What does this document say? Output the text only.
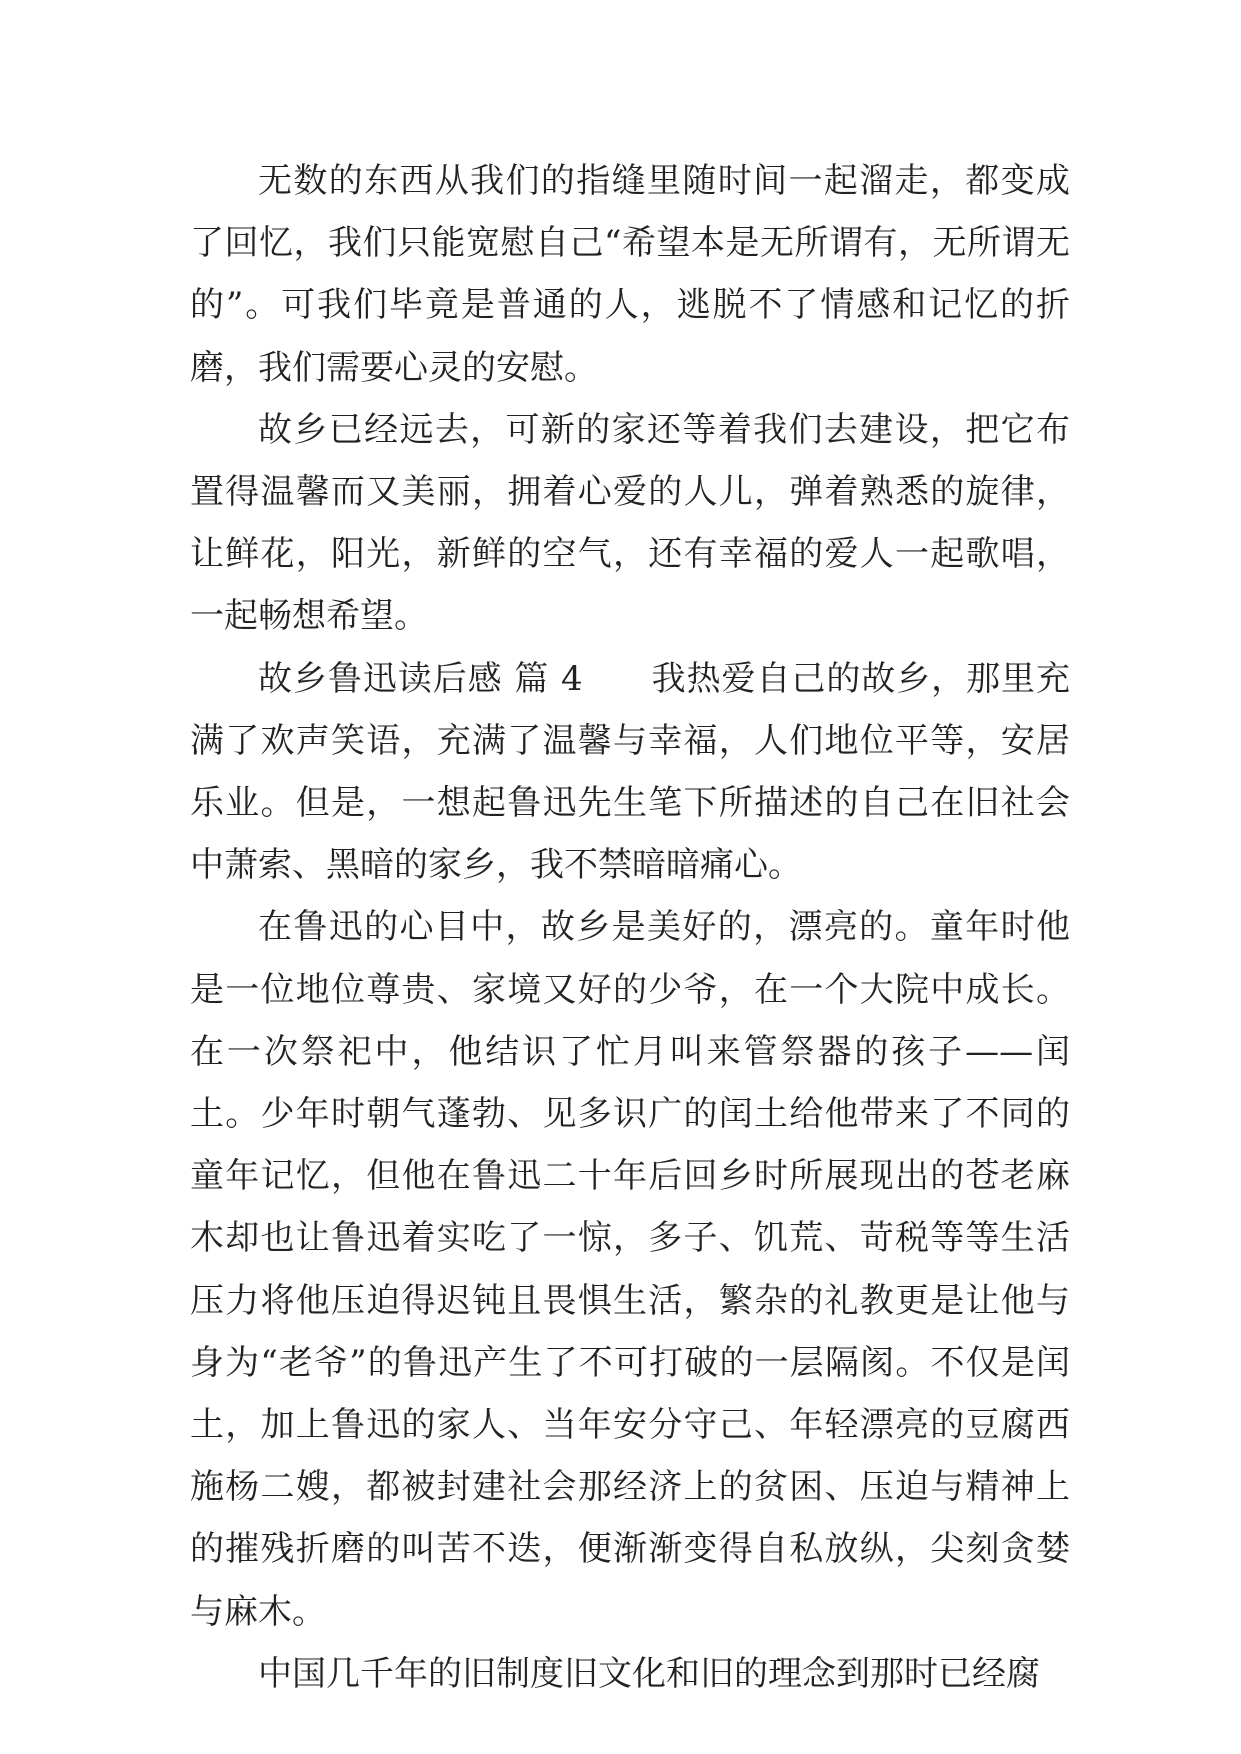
无数的东西从我们的指缝里随时间一起溜走，都变成了回忆，我们只能宽慰自己“希望本是无所谓有，无所谓无的”。可我们毕竟是普通的人，逃脱不了情感和记忆的折磨，我们需要心灵的安慰。

故乡已经远去，可新的家还等着我们去建设，把它布置得温馨而又美丽，拥着心爱的人儿，弹着熟悉的旋律，让鲜花，阳光，新鲜的空气，还有幸福的爱人一起歌唱，一起畅想希望。

故乡鲁迅读后感 篇 4 我热爱自己的故乡，那里充满了欢声笑语，充满了温馨与幸福，人们地位平等，安居乐业。但是，一想起鲁迅先生笔下所描述的自己在旧社会中萧索、黑暗的家乡，我不禁暗暗痛心。

在鲁迅的心目中，故乡是美好的，漂亮的。童年时他是一位地位尊贵、家境又好的少爷，在一个大院中成长。在一次祭祀中，他结识了忙月叫来管祭器的孩子——闰土。少年时朝气蓬勃、见多识广的闰土给他带来了不同的童年记忆，但他在鲁迅二十年后回乡时所展现出的苍老麻木却也让鲁迅着实吃了一惊，多子、饥荒、苛税等等生活压力将他压迫得迟钝且畏惧生活，繁杂的礼教更是让他与身为“老爷”的鲁迅产生了不可打破的一层隔阂。不仅是闰土，加上鲁迅的家人、当年安分守己、年轻漂亮的豆腐西施杨二嫂，都被封建社会那经济上的贫困、压迫与精神上的摧残折磨的叫苦不迭，便渐渐变得自私放纵，尖刻贪婪与麻木。

中国几千年的旧制度旧文化和旧的理念到那时已经腐
